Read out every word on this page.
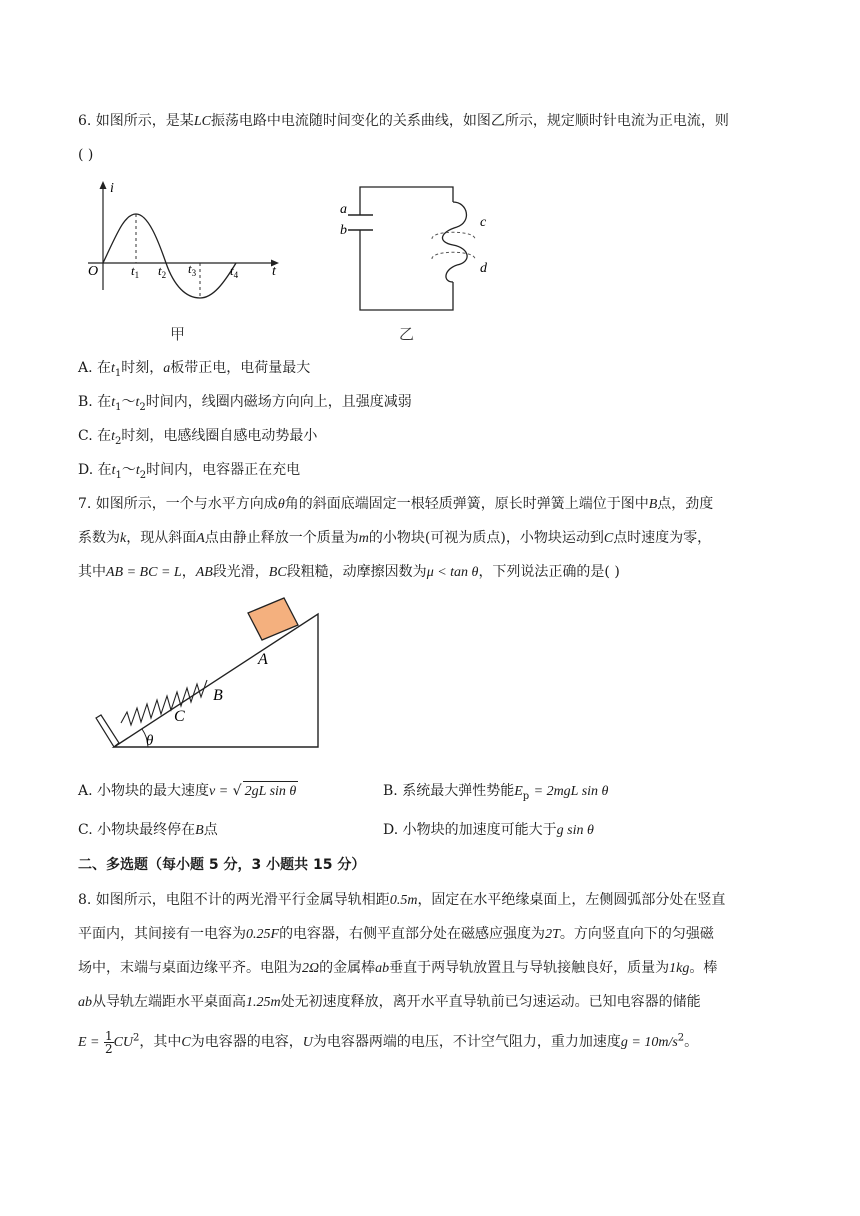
6. 如图所示，是某LC振荡电路中电流随时间变化的关系曲线，如图乙所示，规定顺时针电流为正电流，则
( )
i
t
O	$t_1$ $t_2$ $t_3$	$t_4$
甲
a
b
c
d
乙
A. 在$t_1$时刻，a板带正电，电荷量最大
B. 在$t_1\sim t_2$时间内，线圈内磁场方向向上，且强度减弱
C. 在$t_2$时刻，电感线圈自感电动势最小
D. 在$t_1\sim t_2$时间内，电容器正在充电
7. 如图所示，一个与水平方向成θ角的斜面底端固定一根轻质弹簧，原长时弹簧上端位于图中B点，劲度
系数为k，现从斜面A点由静止释放一个质量为m的小物块(可视为质点)，小物块运动到C点时速度为零，
其中AB = BC = L，AB段光滑，BC段粗糙，动摩擦因数为μ < tan θ，下列说法正确的是( )
A
B
C
θ
A. 小物块的最大速度v = √ 2gL sin θ	B. 系统最大弹性势能$E_p = 2mgL$ sin θ
C. 小物块最终停在B点	D. 小物块的加速度可能大于g sin θ
二、多选题（每小题 5 分，3 小题共 15 分）
8. 如图所示，电阻不计的两光滑平行金属导轨相距0.5m，固定在水平绝缘桌面上，左侧圆弧部分处在竖直
平面内，其间接有一电容为0.25F的电容器，右侧平直部分处在磁感应强度为2T。方向竖直向下的匀强磁
场中，末端与桌面边缘平齐。电阻为2Ω的金属棒ab垂直于两导轨放置且与导轨接触良好，质量为1kg。棒
ab从导轨左端距水平桌面高1.25m处无初速度释放，离开水平直导轨前已匀速运动。已知电容器的储能
$E = \frac{1}{2} CU^2$，其中C为电容器的电容，U为电容器两端的电压，不计空气阻力，重力加速度$g = 10m/s^2$。
